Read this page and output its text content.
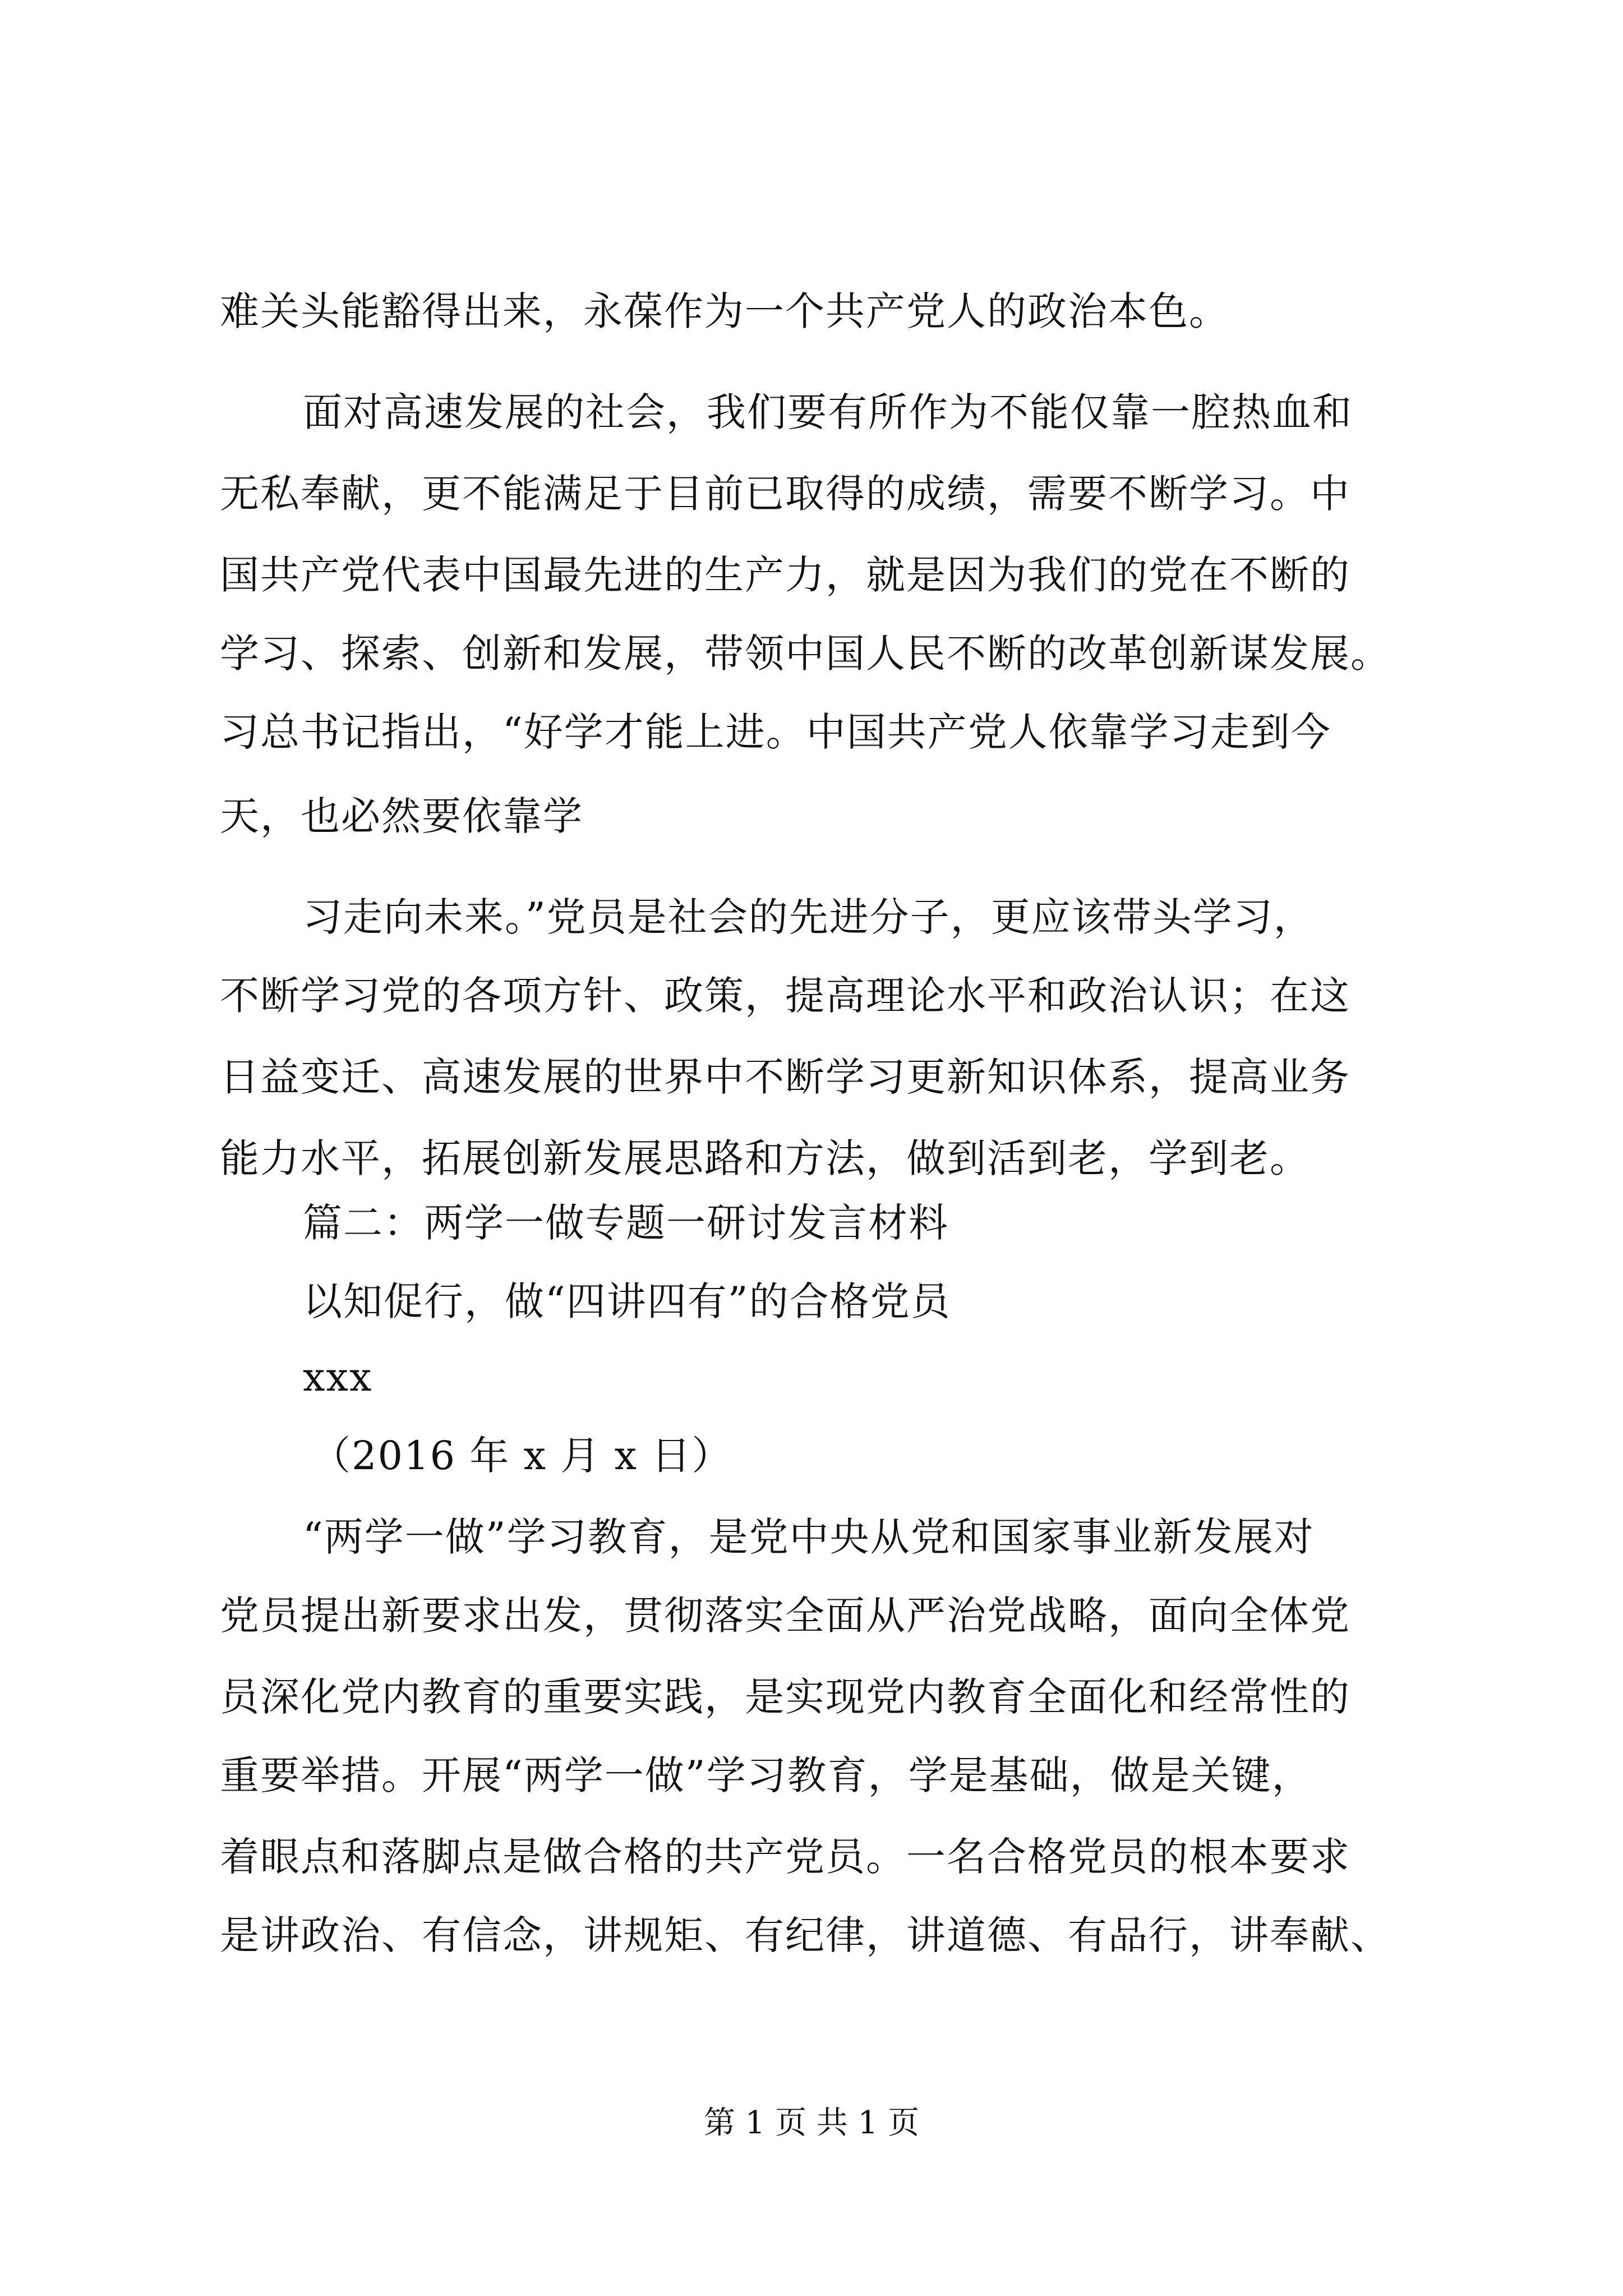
难关头能豁得出来，永葆作为一个共产党人的政治本色。
面对高速发展的社会，我们要有所作为不能仅靠一腔热血和
无私奉献，更不能满足于目前已取得的成绩，需要不断学习。中
国共产党代表中国最先进的生产力，就是因为我们的党在不断的
学习、探索、创新和发展，带领中国人民不断的改革创新谋发展。
习总书记指出，“好学才能上进。中国共产党人依靠学习走到今
天，也必然要依靠学
习走向未来。”党员是社会的先进分子，更应该带头学习，
不断学习党的各项方针、政策，提高理论水平和政治认识；在这
日益变迁、高速发展的世界中不断学习更新知识体系，提高业务
能力水平，拓展创新发展思路和方法，做到活到老，学到老。
篇二：两学一做专题一研讨发言材料
以知促行，做“四讲四有”的合格党员
xxx
（2016 年 x 月 x 日）
“两学一做”学习教育，是党中央从党和国家事业新发展对
党员提出新要求出发，贯彻落实全面从严治党战略，面向全体党
员深化党内教育的重要实践，是实现党内教育全面化和经常性的
重要举措。开展“两学一做”学习教育，学是基础，做是关键，
着眼点和落脚点是做合格的共产党员。一名合格党员的根本要求
是讲政治、有信念，讲规矩、有纪律，讲道德、有品行，讲奉献、
第 1 页 共 1 页
